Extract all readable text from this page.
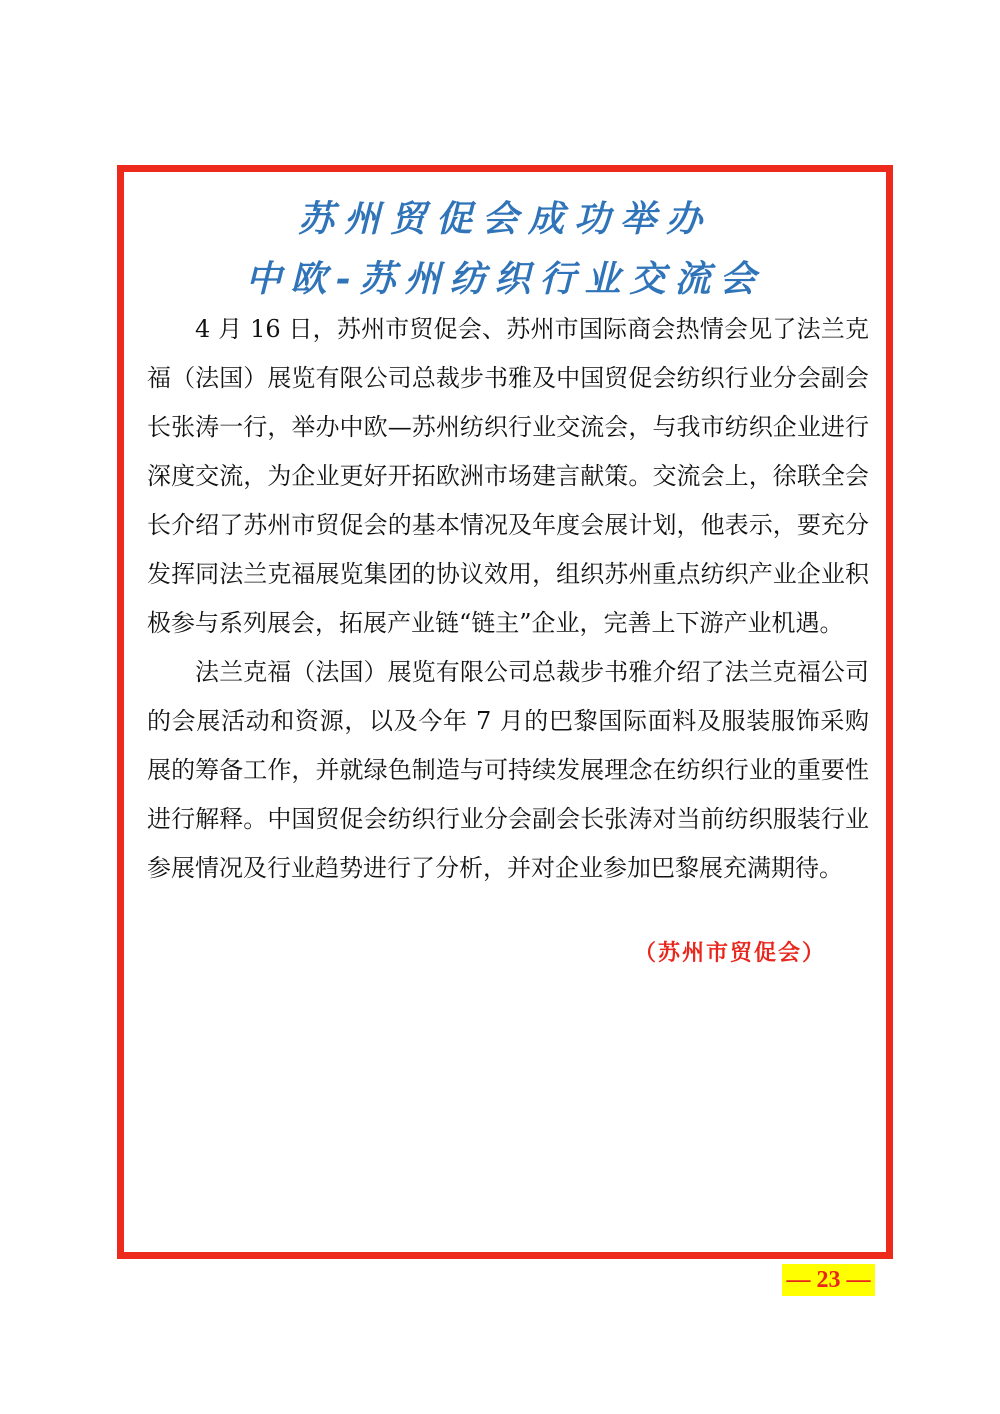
苏州贸促会成功举办
中欧-苏州纺织行业交流会

4 月 16 日，苏州市贸促会、苏州市国际商会热情会见了法兰克福（法国）展览有限公司总裁步书雅及中国贸促会纺织行业分会副会长张涛一行，举办中欧—苏州纺织行业交流会，与我市纺织企业进行深度交流，为企业更好开拓欧洲市场建言献策。交流会上，徐联全会长介绍了苏州市贸促会的基本情况及年度会展计划，他表示，要充分发挥同法兰克福展览集团的协议效用，组织苏州重点纺织产业企业积极参与系列展会，拓展产业链“链主”企业，完善上下游产业机遇。

法兰克福（法国）展览有限公司总裁步书雅介绍了法兰克福公司的会展活动和资源，以及今年 7 月的巴黎国际面料及服装服饰采购展的筹备工作，并就绿色制造与可持续发展理念在纺织行业的重要性进行解释。中国贸促会纺织行业分会副会长张涛对当前纺织服装行业参展情况及行业趋势进行了分析，并对企业参加巴黎展充满期待。

（苏州市贸促会）
— 23 —
